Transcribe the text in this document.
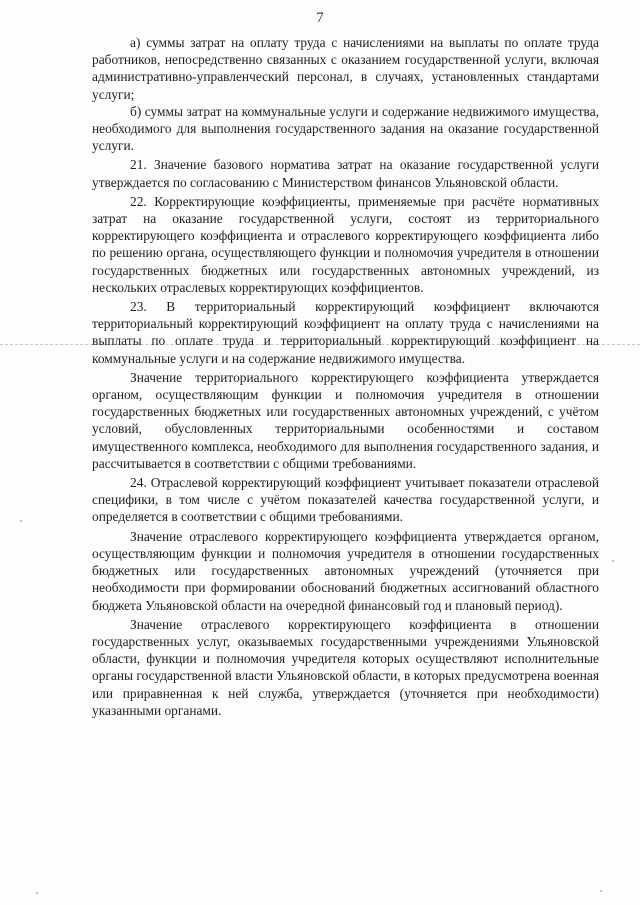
7

а) суммы затрат на оплату труда с начислениями на выплаты по оплате труда работников, непосредственно связанных с оказанием государственной услуги, включая административно-управленческий персонал, в случаях, установленных стандартами услуги;

б) суммы затрат на коммунальные услуги и содержание недвижимого имущества, необходимого для выполнения государственного задания на оказание государственной услуги.

21. Значение базового норматива затрат на оказание государственной услуги утверждается по согласованию с Министерством финансов Ульяновской области.

22. Корректирующие коэффициенты, применяемые при расчёте нормативных затрат на оказание государственной услуги, состоят из территориального корректирующего коэффициента и отраслевого корректирующего коэффициента либо по решению органа, осуществляющего функции и полномочия учредителя в отношении государственных бюджетных или государственных автономных учреждений, из нескольких отраслевых корректирующих коэффициентов.

23. В территориальный корректирующий коэффициент включаются территориальный корректирующий коэффициент на оплату труда с начислениями на выплаты по оплате труда и территориальный корректирующий коэффициент на коммунальные услуги и на содержание недвижимого имущества.

Значение территориального корректирующего коэффициента утверждается органом, осуществляющим функции и полномочия учредителя в отношении государственных бюджетных или государственных автономных учреждений, с учётом условий, обусловленных территориальными особенностями и составом имущественного комплекса, необходимого для выполнения государственного задания, и рассчитывается в соответствии с общими требованиями.

24. Отраслевой корректирующий коэффициент учитывает показатели отраслевой специфики, в том числе с учётом показателей качества государственной услуги, и определяется в соответствии с общими требованиями.

Значение отраслевого корректирующего коэффициента утверждается органом, осуществляющим функции и полномочия учредителя в отношении государственных бюджетных или государственных автономных учреждений (уточняется при необходимости при формировании обоснований бюджетных ассигнований областного бюджета Ульяновской области на очередной финансовый год и плановый период).

Значение отраслевого корректирующего коэффициента в отношении государственных услуг, оказываемых государственными учреждениями Ульяновской области, функции и полномочия учредителя которых осуществляют исполнительные органы государственной власти Ульяновской области, в которых предусмотрена военная или приравненная к ней служба, утверждается (уточняется при необходимости) указанными органами.
